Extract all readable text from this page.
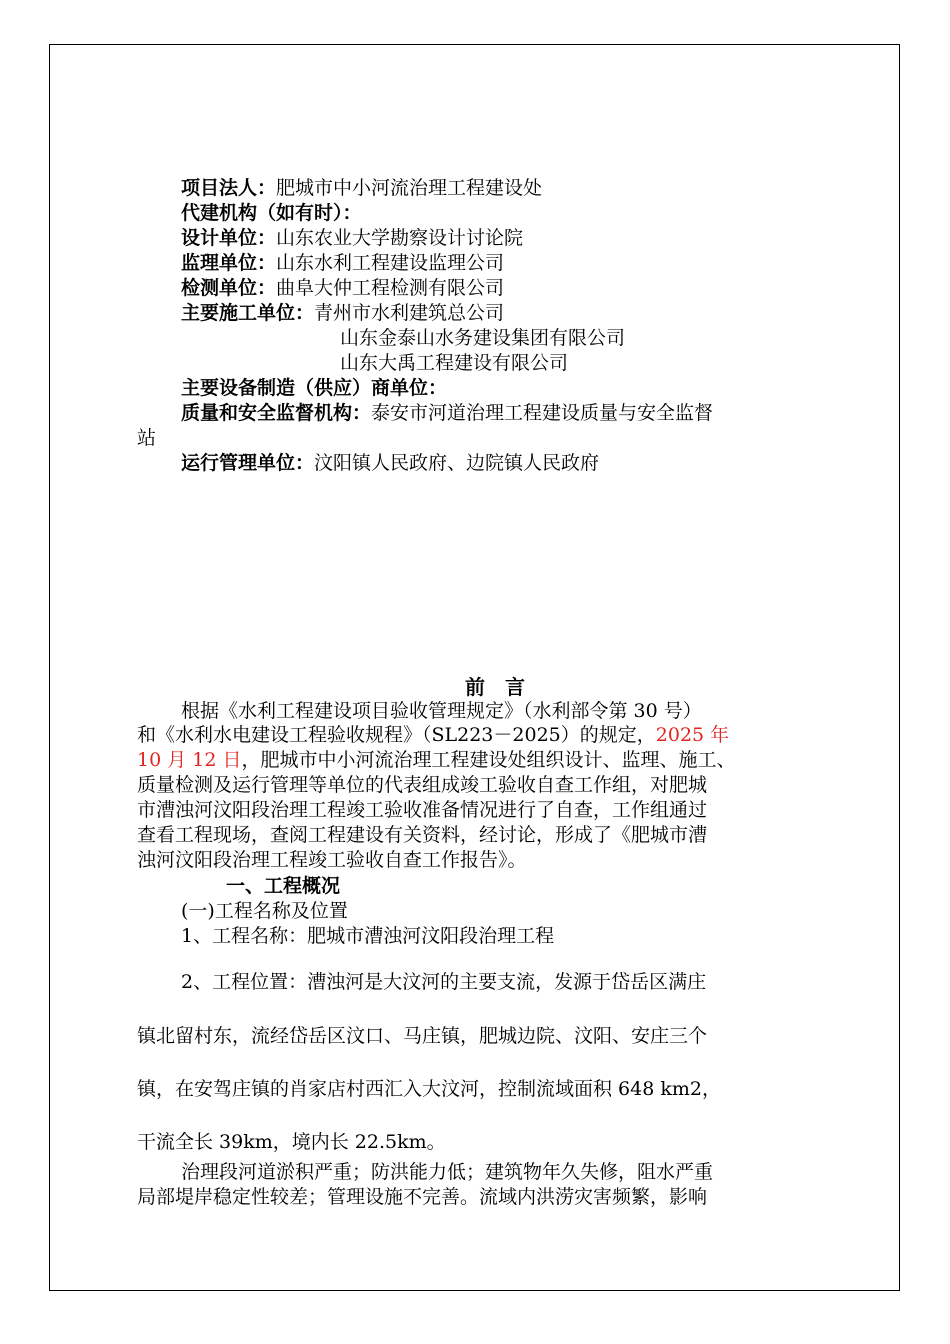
项目法人：肥城市中小河流治理工程建设处
代建机构（如有时）：
设计单位：山东农业大学勘察设计讨论院
监理单位：山东水利工程建设监理公司
检测单位：曲阜大仲工程检测有限公司
主要施工单位：青州市水利建筑总公司
山东金泰山水务建设集团有限公司
山东大禹工程建设有限公司
主要设备制造（供应）商单位：
质量和安全监督机构：泰安市河道治理工程建设质量与安全监督
站
运行管理单位：汶阳镇人民政府、边院镇人民政府
前　言
根据《水利工程建设项目验收管理规定》（水利部令第 30 号）
和《水利水电建设工程验收规程》（SL223－2025）的规定，2025 年
10 月 12 日，肥城市中小河流治理工程建设处组织设计、监理、施工、
质量检测及运行管理等单位的代表组成竣工验收自查工作组，对肥城
市漕浊河汶阳段治理工程竣工验收准备情况进行了自查，工作组通过
查看工程现场，查阅工程建设有关资料，经讨论，形成了《肥城市漕
浊河汶阳段治理工程竣工验收自查工作报告》。
一、工程概况
(一)工程名称及位置
1、工程名称：肥城市漕浊河汶阳段治理工程
2、工程位置：漕浊河是大汶河的主要支流，发源于岱岳区满庄
镇北留村东，流经岱岳区汶口、马庄镇，肥城边院、汶阳、安庄三个
镇，在安驾庄镇的肖家店村西汇入大汶河，控制流域面积 648 km2，
干流全长 39km，境内长 22.5km。
治理段河道淤积严重；防洪能力低；建筑物年久失修，阻水严重
局部堤岸稳定性较差；管理设施不完善。流域内洪涝灾害频繁，影响
